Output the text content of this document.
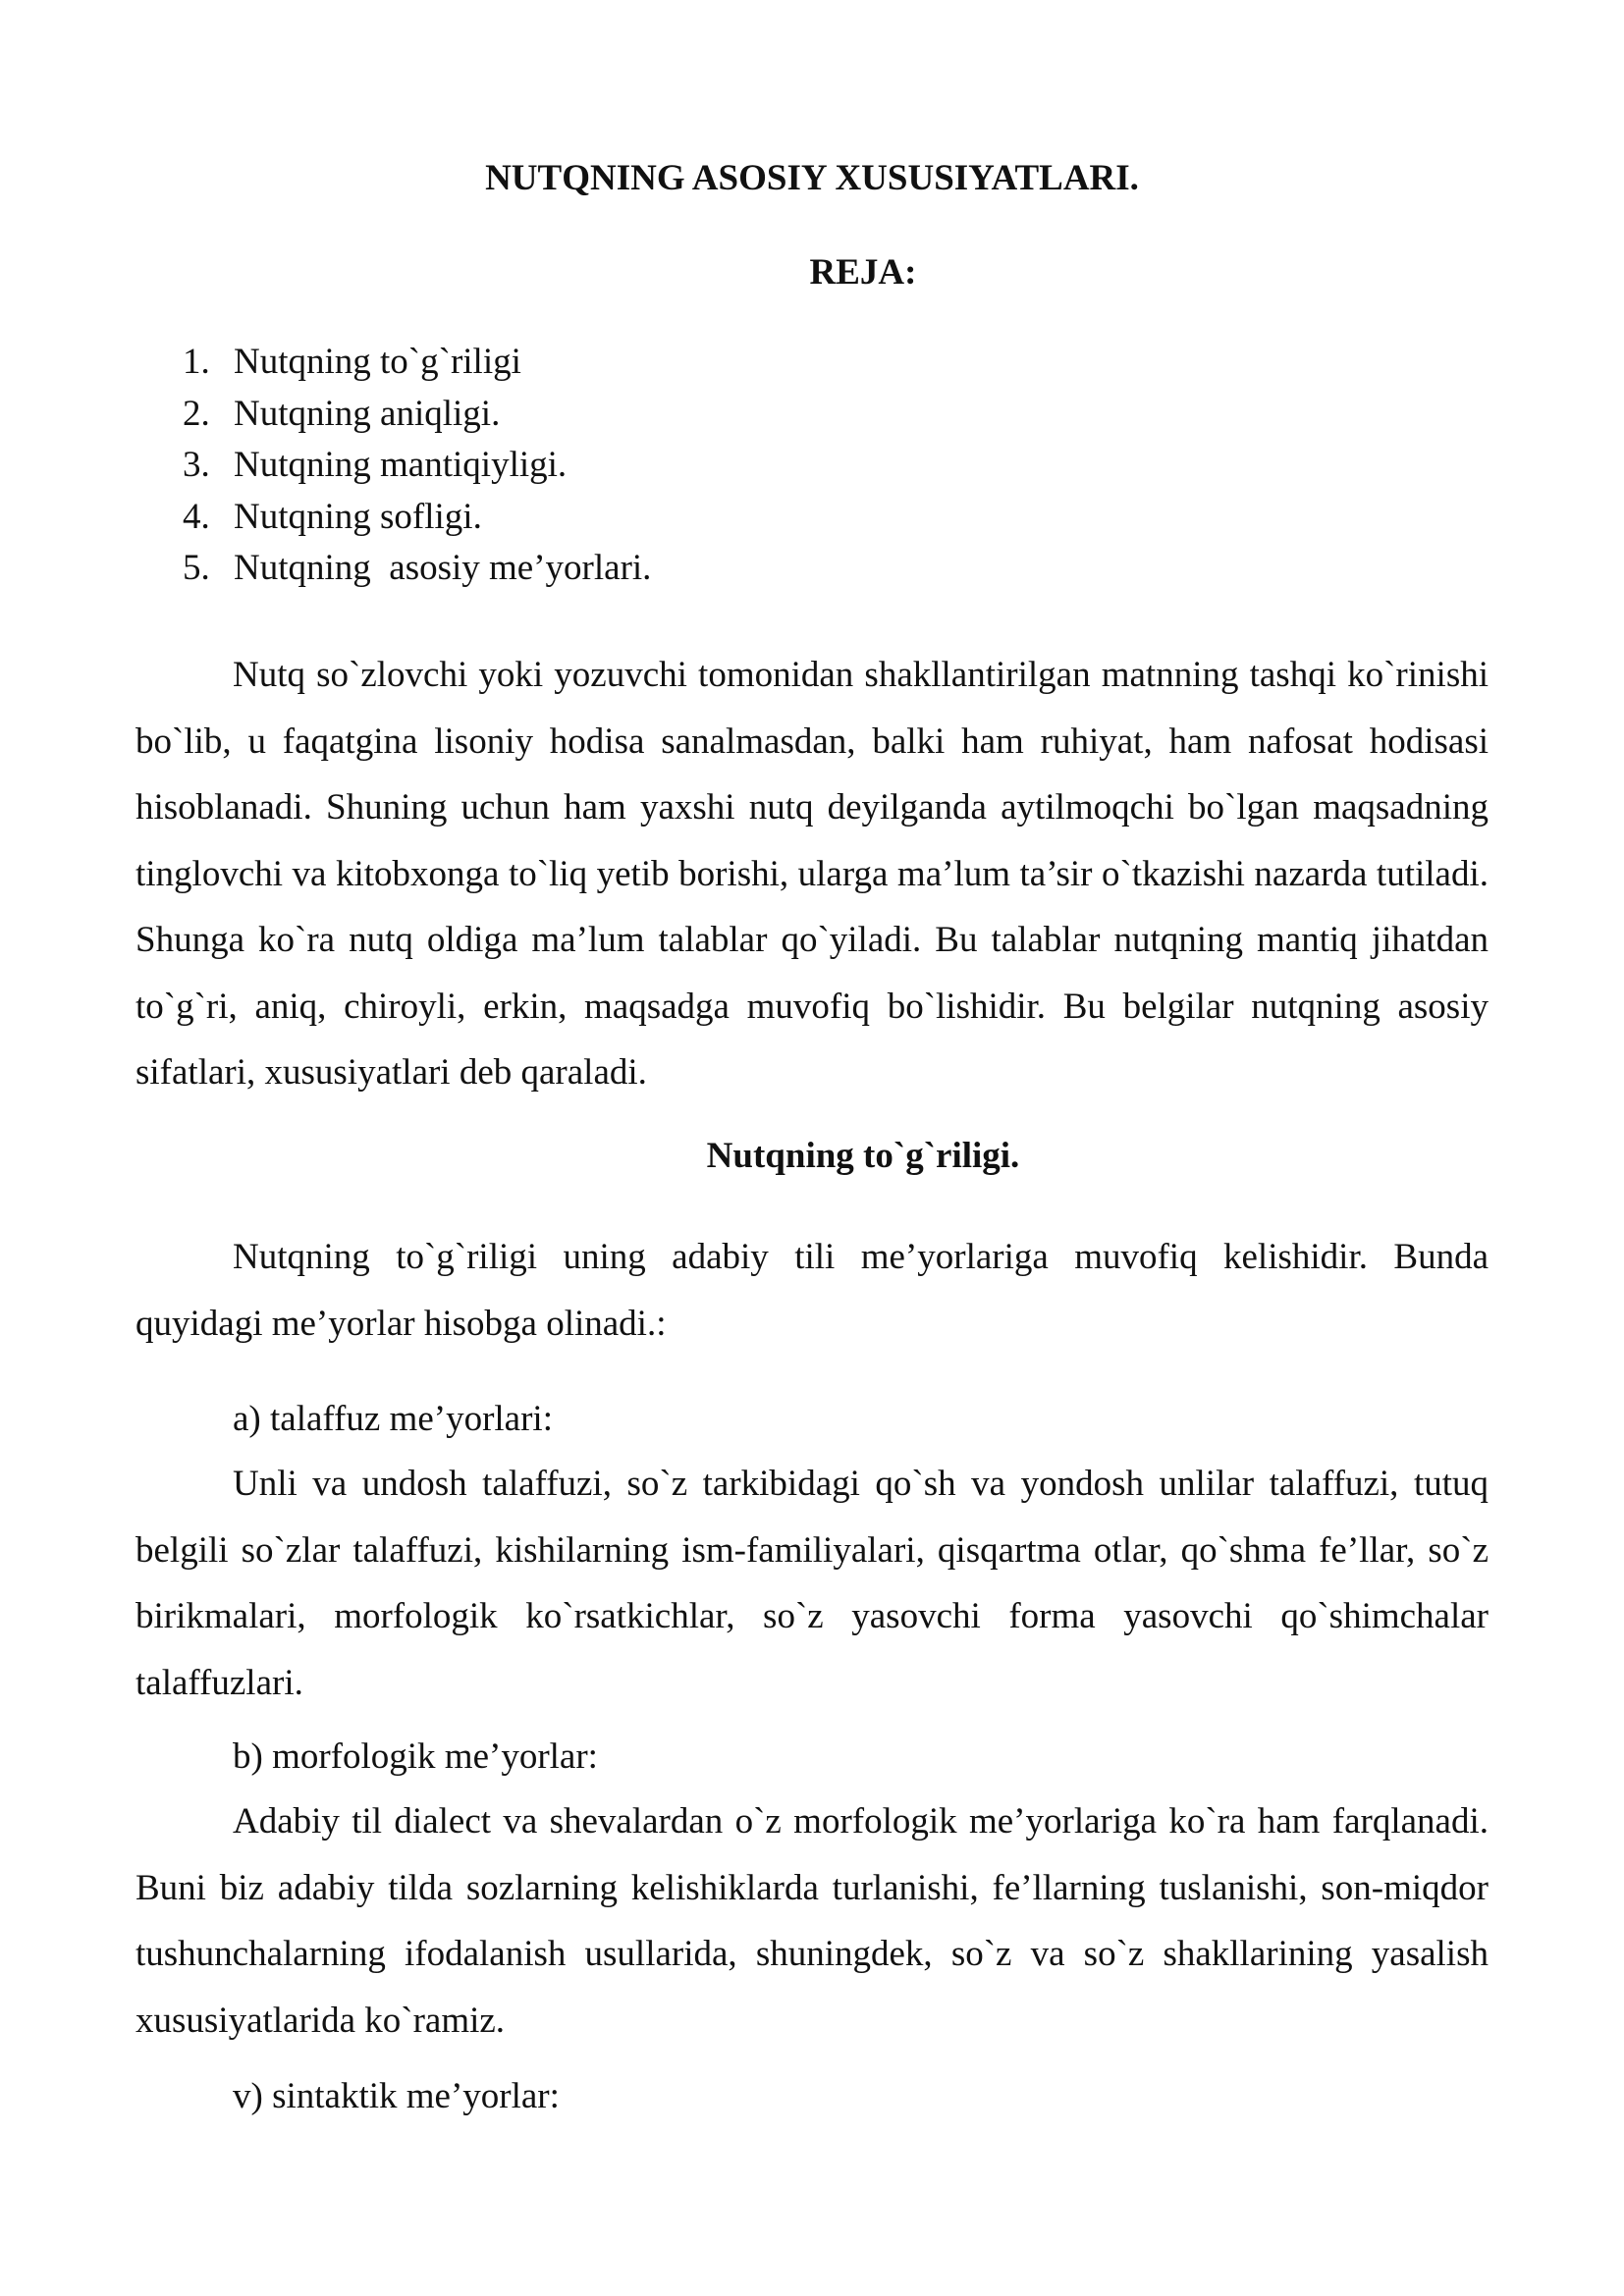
NUTQNING ASOSIY XUSUSIYATLARI.
REJA:
1. Nutqning to`g`riligi
2. Nutqning aniqligi.
3. Nutqning mantiqiyligi.
4. Nutqning sofligi.
5. Nutqning  asosiy me’yorlari.

Nutq so`zlovchi yoki yozuvchi tomonidan shakllantirilgan matnning tashqi ko`rinishi bo`lib, u faqatgina lisoniy hodisa sanalmasdan, balki ham ruhiyat, ham nafosat hodisasi hisoblanadi. Shuning uchun ham yaxshi nutq deyilganda aytilmoqchi bo`lgan maqsadning tinglovchi va kitobxonga to`liq yetib borishi, ularga ma’lum ta’sir o`tkazishi nazarda tutiladi. Shunga ko`ra nutq oldiga ma’lum talablar qo`yiladi. Bu talablar nutqning mantiq jihatdan to`g`ri, aniq, chiroyli, erkin, maqsadga muvofiq bo`lishidir. Bu belgilar nutqning asosiy sifatlari, xususiyatlari deb qaraladi.

Nutqning to`g`riligi.

Nutqning to`g`riligi uning adabiy tili me’yorlariga muvofiq kelishidir. Bunda quyidagi me’yorlar hisobga olinadi.:

a) talaffuz me’yorlari:

Unli va undosh talaffuzi, so`z tarkibidagi qo`sh va yondosh unlilar talaffuzi, tutuq belgili so`zlar talaffuzi, kishilarning ism-familiyalari, qisqartma otlar, qo`shma fe’llar, so`z birikmalari, morfologik ko`rsatkichlar, so`z yasovchi forma yasovchi qo`shimchalar talaffuzlari.

b) morfologik me’yorlar:

Adabiy til dialect va shevalardan o`z morfologik me’yorlariga ko`ra ham farqlanadi. Buni biz adabiy tilda sozlarning kelishiklarda turlanishi, fe’llarning tuslanishi, son-miqdor tushunchalarning ifodalanish usullarida, shuningdek, so`z va so`z shakllarining yasalish xususiyatlarida ko`ramiz.

v) sintaktik me’yorlar:
